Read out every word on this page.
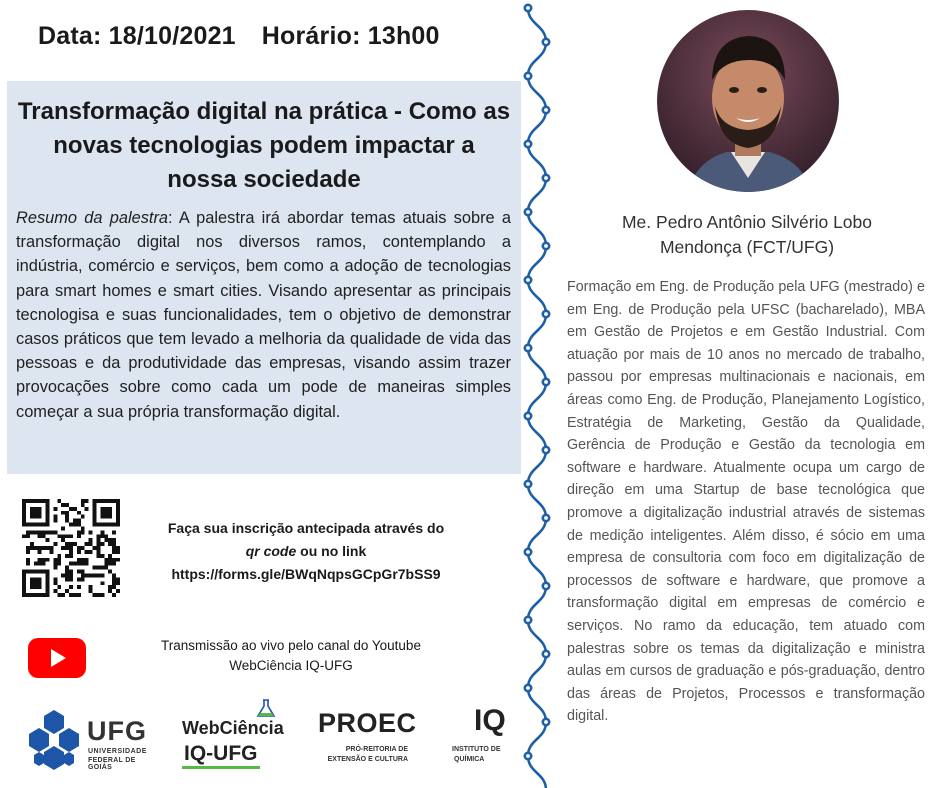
Data: 18/10/2021 Horário: 13h00
Transformação digital na prática - Como as novas tecnologias podem impactar a nossa sociedade
Resumo da palestra: A palestra irá abordar temas atuais sobre a transformação digital nos diversos ramos, contemplando a indústria, comércio e serviços, bem como a adoção de tecnologias para smart homes e smart cities. Visando apresentar as principais tecnologisa e suas funcionalidades, tem o objetivo de demonstrar casos práticos que tem levado a melhoria da qualidade de vida das pessoas e da produtividade das empresas, visando assim trazer provocações sobre como cada um pode de maneiras simples começar a sua própria transformação digital.
Faça sua inscrição antecipada através do
qr code ou no link
https://forms.gle/BWqNqpsGCpGr7bSS9
Transmissão ao vivo pelo canal do Youtube
WebCiência IQ-UFG
UFG
UNIVERSIDADE
FEDERAL DE GOIÁS
WebCiência
IQ-UFG
PROEC
PRÓ-REITORIA DE
EXTENSÃO E CULTURA
IQ
INSTITUTO DE
QUÍMICA
Me. Pedro Antônio Silvério Lobo
Mendonça (FCT/UFG)
Formação em Eng. de Produção pela UFG (mestrado) e em Eng. de Produção pela UFSC (bacharelado), MBA em Gestão de Projetos e em Gestão Industrial. Com atuação por mais de 10 anos no mercado de trabalho, passou por empresas multinacionais e nacionais, em áreas como Eng. de Produção, Planejamento Logístico, Estratégia de Marketing, Gestão da Qualidade, Gerência de Produção e Gestão da tecnologia em software e hardware. Atualmente ocupa um cargo de direção em uma Startup de base tecnológica que promove a digitalização industrial através de sistemas de medição inteligentes. Além disso, é sócio em uma empresa de consultoria com foco em digitalização de processos de software e hardware, que promove a transformação digital em empresas de comércio e serviços. No ramo da educação, tem atuado com palestras sobre os temas da digitalização e ministra aulas em cursos de graduação e pós-graduação, dentro das áreas de Projetos, Processos e transformação digital.
